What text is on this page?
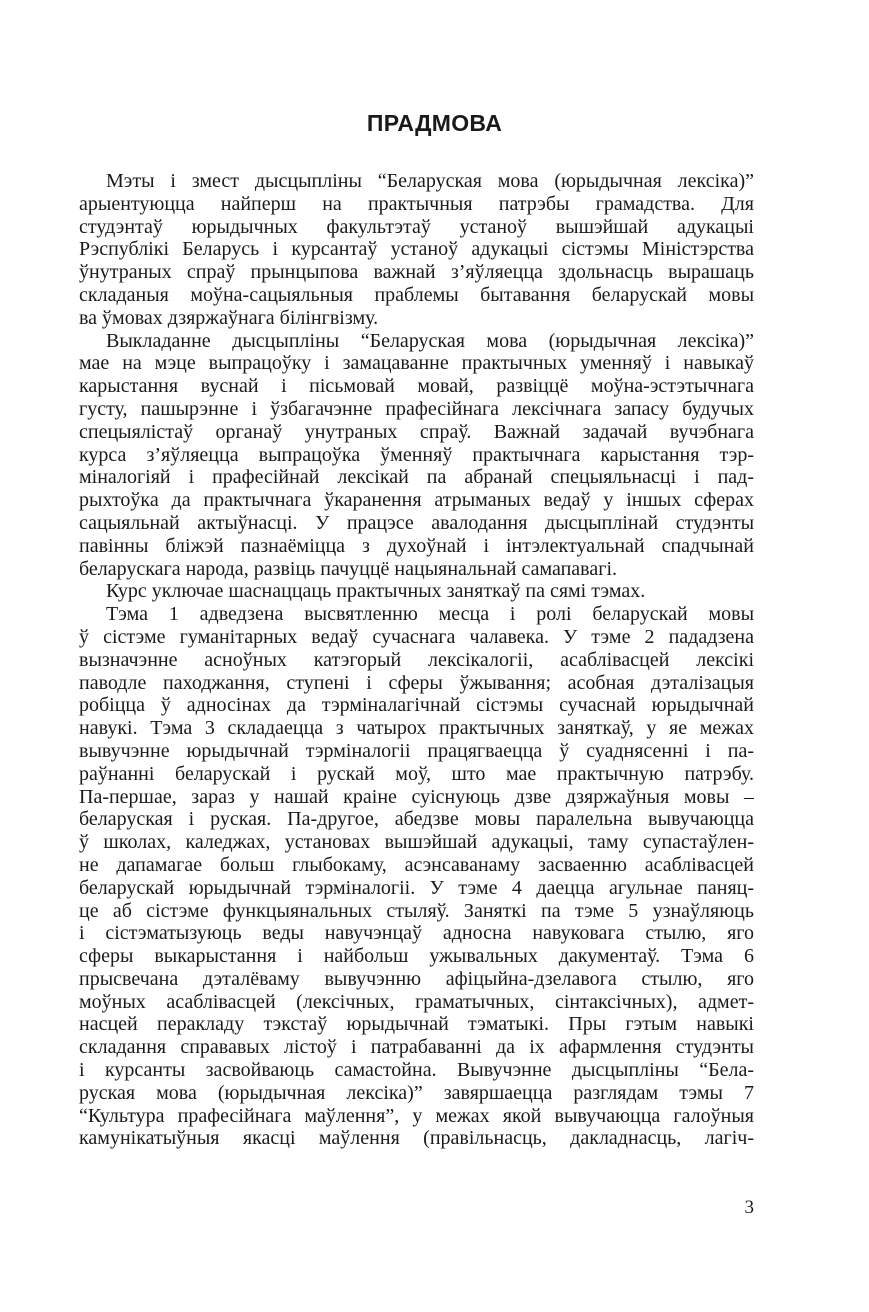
ПРАДМОВА
Мэты і змест дысцыпліны “Беларуская мова (юрыдычная лексіка)”
арыентуюцца найперш на практычныя патрэбы грамадства. Для
студэнтаў юрыдычных факультэтаў устаноў вышэйшай адукацыі
Рэспублікі Беларусь і курсантаў устаноў адукацыі сістэмы Міністэрства
ўнутраных спраў прынцыпова важнай з’яўляецца здольнасць вырашаць
складаныя моўна-сацыяльныя праблемы бытавання беларускай мовы
ва ўмовах дзяржаўнага білінгвізму.
Выкладанне дысцыпліны “Беларуская мова (юрыдычная лексіка)”
мае на мэце выпрацоўку і замацаванне практычных уменняў і навыкаў
карыстання вуснай і пісьмовай мовай, развіццё моўна-эстэтычнага
густу, пашырэнне і ўзбагачэнне прафесійнага лексічнага запасу будучых
спецыялістаў органаў унутраных спраў. Важнай задачай вучэбнага
курса з’яўляецца выпрацоўка ўменняў практычнага карыстання тэр-
міналогіяй і прафесійнай лексікай па абранай спецыяльнасці і пад-
рыхтоўка да практычнага ўкаранення атрыманых ведаў у іншых сферах
сацыяльнай актыўнасці. У працэсе авалодання дысцыплінай студэнты
павінны бліжэй пазнаёміцца з духоўнай і інтэлектуальнай спадчынай
беларускага народа, развіць пачуццё нацыянальнай самапавагі.
Курс уключае шаснаццаць практычных заняткаў па сямі тэмах.
Тэма 1 адведзена высвятленню месца і ролі беларускай мовы
ў сістэме гуманітарных ведаў сучаснага чалавека. У тэме 2 пададзена
вызначэнне асноўных катэгорый лексікалогіі, асаблівасцей лексікі
паводле паходжання, ступені і сферы ўжывання; асобная дэталізацыя
робіцца ў адносінах да тэрміналагічнай сістэмы сучаснай юрыдычнай
навукі. Тэма 3 складаецца з чатырох практычных заняткаў, у яе межах
вывучэнне юрыдычнай тэрміналогіі працягваецца ў суаднясенні і па-
раўнанні беларускай і рускай моў, што мае практычную патрэбу.
Па-першае, зараз у нашай краіне суіснуюць дзве дзяржаўныя мовы –
беларуская і руская. Па-другое, абедзве мовы паралельна вывучаюцца
ў школах, каледжах, установах вышэйшай адукацыі, таму супастаўлен-
не дапамагае больш глыбокаму, асэнсаванаму засваенню асаблівасцей
беларускай юрыдычнай тэрміналогіі. У тэме 4 даецца агульнае паняц-
це аб сістэме функцыянальных стыляў. Заняткі па тэме 5 узнаўляюць
і сістэматызуюць веды навучэнцаў адносна навуковага стылю, яго
сферы выкарыстання і найбольш ужывальных дакументаў. Тэма 6
прысвечана дэталёваму вывучэнню афіцыйна-дзелавога стылю, яго
моўных асаблівасцей (лексічных, граматычных, сінтаксічных), адмет-
насцей перакладу тэкстаў юрыдычнай тэматыкі. Пры гэтым навыкі
складання справавых лістоў і патрабаванні да іх афармлення студэнты
і курсанты засвойваюць самастойна. Вывучэнне дысцыпліны “Бела-
руская мова (юрыдычная лексіка)” завяршаецца разглядам тэмы 7
“Культура прафесійнага маўлення”, у межах якой вывучаюцца галоўныя
камунікатыўныя якасці маўлення (правільнасць, дакладнасць, лагіч-
3
